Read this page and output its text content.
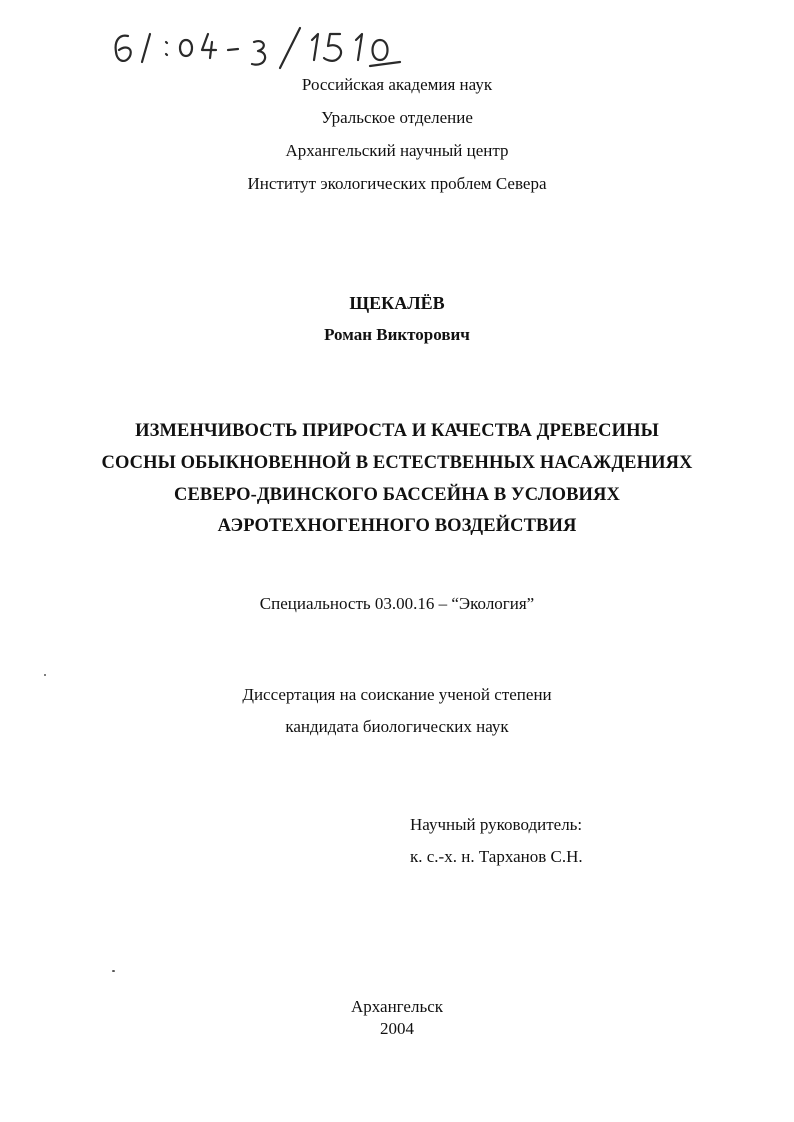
Российская академия наук
Уральское отделение
Архангельский научный центр
Институт экологических проблем Севера
ЩЕКАЛЁВ
Роман Викторович
ИЗМЕНЧИВОСТЬ ПРИРОСТА И КАЧЕСТВА ДРЕВЕСИНЫ
СОСНЫ ОБЫКНОВЕННОЙ В ЕСТЕСТВЕННЫХ НАСАЖДЕНИЯХ
СЕВЕРО-ДВИНСКОГО БАССЕЙНА В УСЛОВИЯХ
АЭРОТЕХНОГЕННОГО ВОЗДЕЙСТВИЯ
Специальность 03.00.16 – “Экология”
Диссертация на соискание ученой степени
кандидата биологических наук
Научный руководитель:
к. с.-х. н. Тарханов С.Н.
Архангельск
2004
